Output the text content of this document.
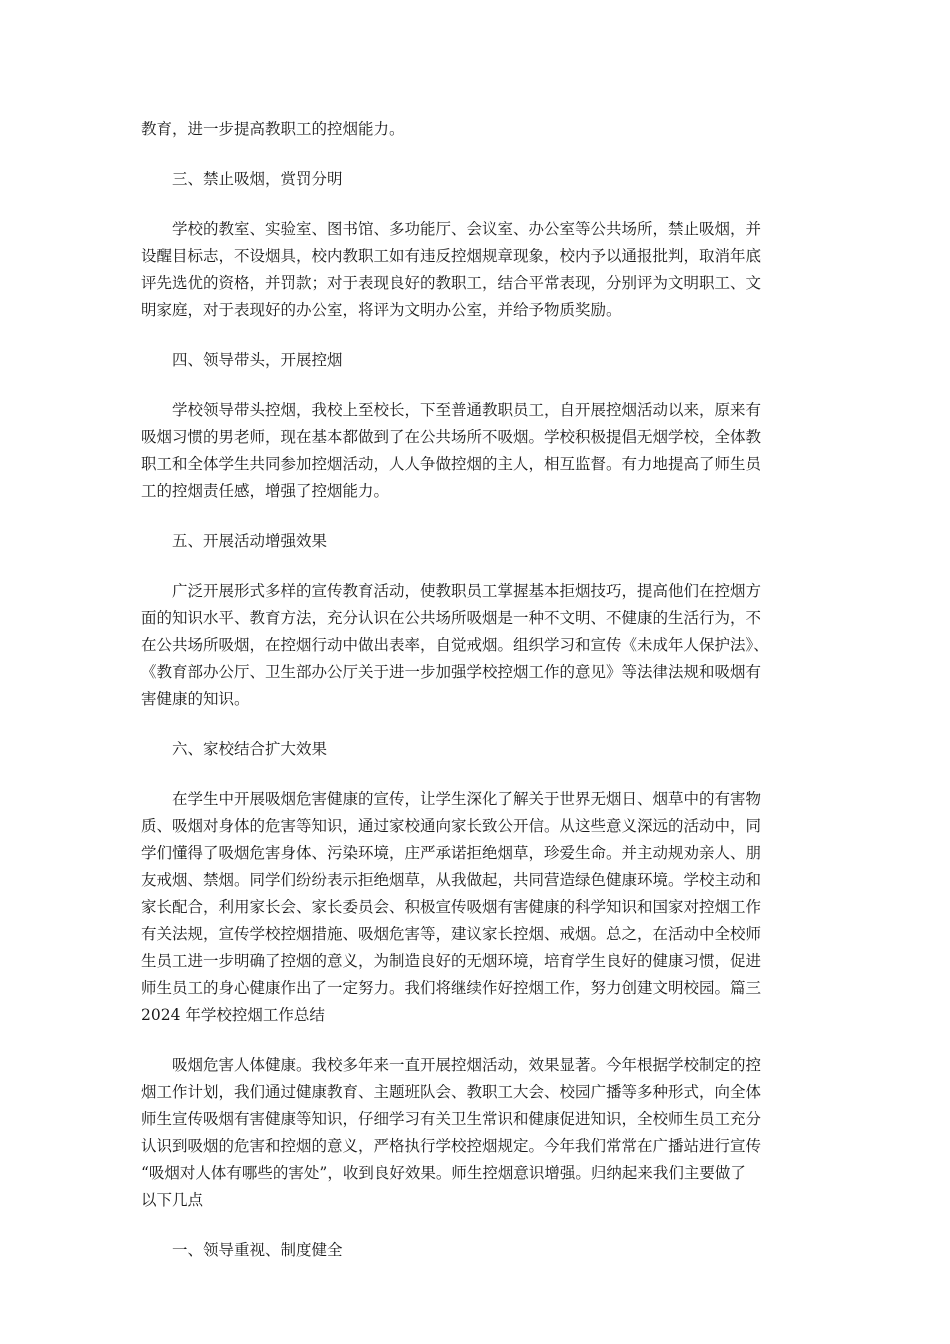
教育，进一步提高教职工的控烟能力。

三、禁止吸烟，赏罚分明

学校的教室、实验室、图书馆、多功能厅、会议室、办公室等公共场所，禁止吸烟，并

设醒目标志，不设烟具，校内教职工如有违反控烟规章现象，校内予以通报批判，取消年底

评先选优的资格，并罚款；对于表现良好的教职工，结合平常表现，分别评为文明职工、文

明家庭，对于表现好的办公室，将评为文明办公室，并给予物质奖励。

四、领导带头，开展控烟

学校领导带头控烟，我校上至校长，下至普通教职员工，自开展控烟活动以来，原来有

吸烟习惯的男老师，现在基本都做到了在公共场所不吸烟。学校积极提倡无烟学校，全体教

职工和全体学生共同参加控烟活动，人人争做控烟的主人，相互监督。有力地提高了师生员

工的控烟责任感，增强了控烟能力。

五、开展活动增强效果

广泛开展形式多样的宣传教育活动，使教职员工掌握基本拒烟技巧，提高他们在控烟方

面的知识水平、教育方法，充分认识在公共场所吸烟是一种不文明、不健康的生活行为，不

在公共场所吸烟，在控烟行动中做出表率，自觉戒烟。组织学习和宣传《未成年人保护法》、

《教育部办公厅、卫生部办公厅关于进一步加强学校控烟工作的意见》等法律法规和吸烟有

害健康的知识。

六、家校结合扩大效果

在学生中开展吸烟危害健康的宣传，让学生深化了解关于世界无烟日、烟草中的有害物

质、吸烟对身体的危害等知识，通过家校通向家长致公开信。从这些意义深远的活动中，同

学们懂得了吸烟危害身体、污染环境，庄严承诺拒绝烟草，珍爱生命。并主动规劝亲人、朋

友戒烟、禁烟。同学们纷纷表示拒绝烟草，从我做起，共同营造绿色健康环境。学校主动和

家长配合，利用家长会、家长委员会、积极宣传吸烟有害健康的科学知识和国家对控烟工作

有关法规，宣传学校控烟措施、吸烟危害等，建议家长控烟、戒烟。总之，在活动中全校师

生员工进一步明确了控烟的意义，为制造良好的无烟环境，培育学生良好的健康习惯，促进

师生员工的身心健康作出了一定努力。我们将继续作好控烟工作，努力创建文明校园。篇三

2024 年学校控烟工作总结

吸烟危害人体健康。我校多年来一直开展控烟活动，效果显著。今年根据学校制定的控

烟工作计划，我们通过健康教育、主题班队会、教职工大会、校园广播等多种形式，向全体

师生宣传吸烟有害健康等知识，仔细学习有关卫生常识和健康促进知识，全校师生员工充分

认识到吸烟的危害和控烟的意义，严格执行学校控烟规定。今年我们常常在广播站进行宣传

“吸烟对人体有哪些的害处”，收到良好效果。师生控烟意识增强。归纳起来我们主要做了

以下几点

一、领导重视、制度健全
